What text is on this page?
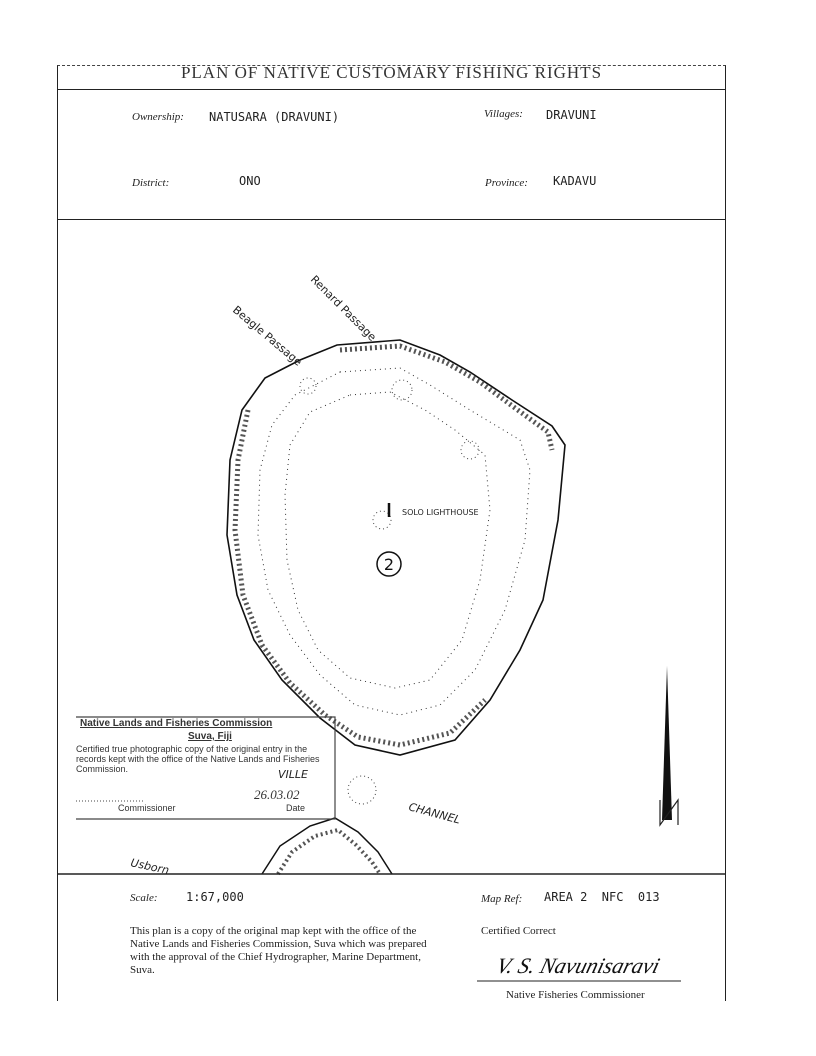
PLAN OF NATIVE CUSTOMARY FISHING RIGHTS
Ownership: NATUSARA (DRAVUNI)	Villages: DRAVUNI
District:	ONO	Province: KADAVU
SOLO LIGHTHOUSE
2
Renard Passage
Beagle Passage
CHANNEL
VILLE
Usborn
Native Lands and Fisheries Commission
Suva, Fiji
Certified true photographic copy of the original entry in the records kept with the office of the Native Lands and Fisheries Commission.
26.03.02
Commissioner	Date
Scale: 1:67,000	Map Ref: AREA 2  NFC  013
This plan is a copy of the original map kept with the office of the Native Lands and Fisheries Commission, Suva which was prepared with the approval of the Chief Hydrographer, Marine Department, Suva.
Certified Correct
V. S. Navunisaravi
Native Fisheries Commissioner
